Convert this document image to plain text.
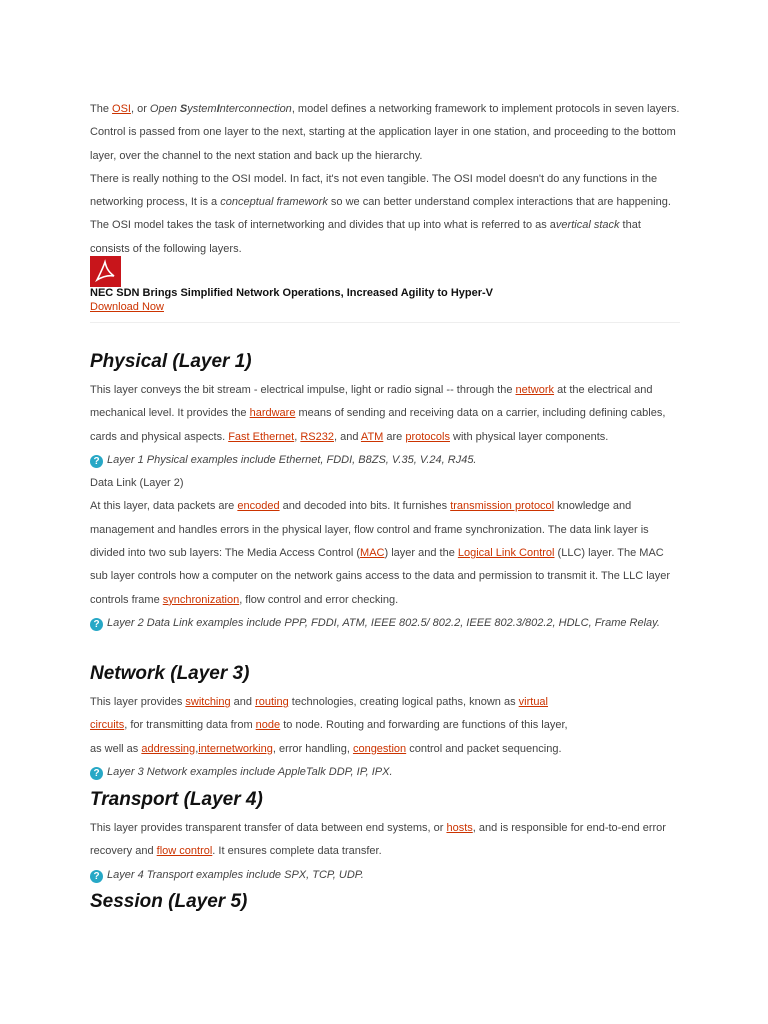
The OSI, or Open SystemInterconnection, model defines a networking framework to implement protocols in seven layers. Control is passed from one layer to the next, starting at the application layer in one station, and proceeding to the bottom layer, over the channel to the next station and back up the hierarchy.

There is really nothing to the OSI model. In fact, it's not even tangible. The OSI model doesn't do any functions in the networking process, It is a conceptual framework so we can better understand complex interactions that are happening. The OSI model takes the task of internetworking and divides that up into what is referred to as avertical stack that consists of the following layers.

NEC SDN Brings Simplified Network Operations, Increased Agility to Hyper-V
Download Now
Physical (Layer 1)

This layer conveys the bit stream - electrical impulse, light or radio signal -- through the network at the electrical and mechanical level. It provides the hardware means of sending and receiving data on a carrier, including defining cables, cards and physical aspects. Fast Ethernet, RS232, and ATM are protocols with physical layer components.

? Layer 1 Physical examples include Ethernet, FDDI, B8ZS, V.35, V.24, RJ45.

Data Link (Layer 2)

At this layer, data packets are encoded and decoded into bits. It furnishes transmission protocol knowledge and management and handles errors in the physical layer, flow control and frame synchronization. The data link layer is divided into two sub layers: The Media Access Control (MAC) layer and the Logical Link Control (LLC) layer. The MAC sub layer controls how a computer on the network gains access to the data and permission to transmit it. The LLC layer controls frame synchronization, flow control and error checking.

? Layer 2 Data Link examples include PPP, FDDI, ATM, IEEE 802.5/ 802.2, IEEE 802.3/802.2, HDLC, Frame Relay.

Network (Layer 3)

This layer provides switching and routing technologies, creating logical paths, known as virtual circuits, for transmitting data from node to node. Routing and forwarding are functions of this layer, as well as addressing,internetworking, error handling, congestion control and packet sequencing.

? Layer 3 Network examples include AppleTalk DDP, IP, IPX.

Transport (Layer 4)

This layer provides transparent transfer of data between end systems, or hosts, and is responsible for end-to-end error recovery and flow control. It ensures complete data transfer.

? Layer 4 Transport examples include SPX, TCP, UDP.

Session (Layer 5)
